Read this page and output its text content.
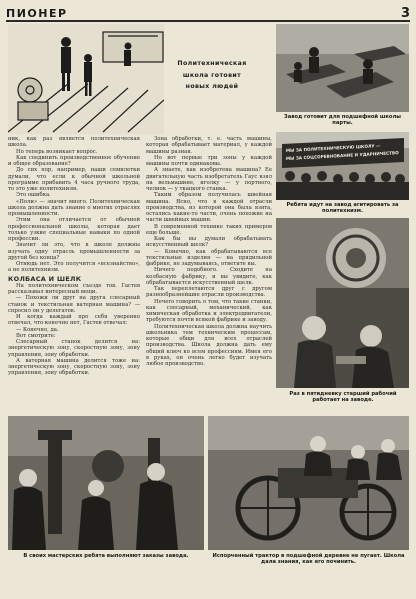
ПИОНЕР	3
Политехническая
школа готовит
новых людей
Завод готовит для подшефной школы парты.
МЫ ЗА ПОЛИТЕХНИЧЕСКУЮ ШКОЛУ —
МЫ ЗА СОЦСОРЕВНОВАНИЕ И УДАРНИЧЕСТВО
Ребята идут на завод агитировать за политехнизм.
Раз в пятидневку старший рабочий работает на заводе.

ник, как раз является политехническая школа.

Но теперь возникает вопрос.

Как соединить производственное обучение и общее образование?

До сих пор, например, наши семилетки думали, что если к обычной школьной программе прибавить 4 часа ручного труда, то это уже политехнизм.

Это ошибка.

«Поли» — значит много. Политехническая школа должна дать знание о многих отраслях промышленности.

Этим она отличается от обычной профессиональной школы, которая дает только узкие специальные навыки по одной профессии.

Значит ли это, что в школе должны изучать одну отрасль промышленности за другой без конца?

Отнюдь нет. Это получится «всезнайство», а не политехнизм.

КОЛБАСА И ШЕЛК

На политехническом съезде тов. Гастев рассказывал интересный вещи.

— Похожи ли друг на друга слесарный станок и текстильная ватерная машина? — спросил он у делегатов.

И когда каждый про себя уверенно отвечал, что конечно нет, Гастев отвечал:

— Конечно, да.

Вот смотрите:

Слесарный станок делится на: энергетическую зону, скоростную зону, зону управления, зону обработки.

А ватерная машина делится тоже на: энергетическую зону, скоростную зону, зону управления, зону обработки.

Зона обработки, т. е. часть машины, которая обрабатывает материал, у каждой машины разная.

Но вот первые три зоны у каждой машины почти одинаковы.

А знаете, как изобретена машина? Ее двигательную часть изобретатель Гаус взял на вельмашине, иголку — у портного, челнок — у ткацкого станка.

Таким образом получилась швейная машина. Ясно, что в каждой отрасли производства, из которой она была взята, остались какие-то части, очень похожие на части швейных машин.

В современной технике таких примеров еще больше.

Как бы вы думали обрабатывать искусственный шелк?

— Конечно, как обрабатываются все текстильные изделия — на прядильной фабрике, не задумываясь, ответите вы.

Ничего подобного. Сходите на колбасную фабрику, и вы увидите, как обрабатывается искусственный шелк.

Так переплетаются друг с другом разнообразнейшие отрасли производства.

Нечего говорить о том, что такие станки, как слесарный, механический, как химическая обработка и электродвигатели, требуются почти всякой фабрике и заводу.

Политехническая школа должна научить школьника тем техническим процессам, которые общи для всех отраслей производства. Школа должна дать ему общий ключ ко всем профессиям. Имея его в руках, он очень легко будет изучать любое производство.

В своих мастерских ребята выполняют заказы завода.	Испорченный трактор в подшефной деревне не пугает. Школа дала знания, как его починить.
